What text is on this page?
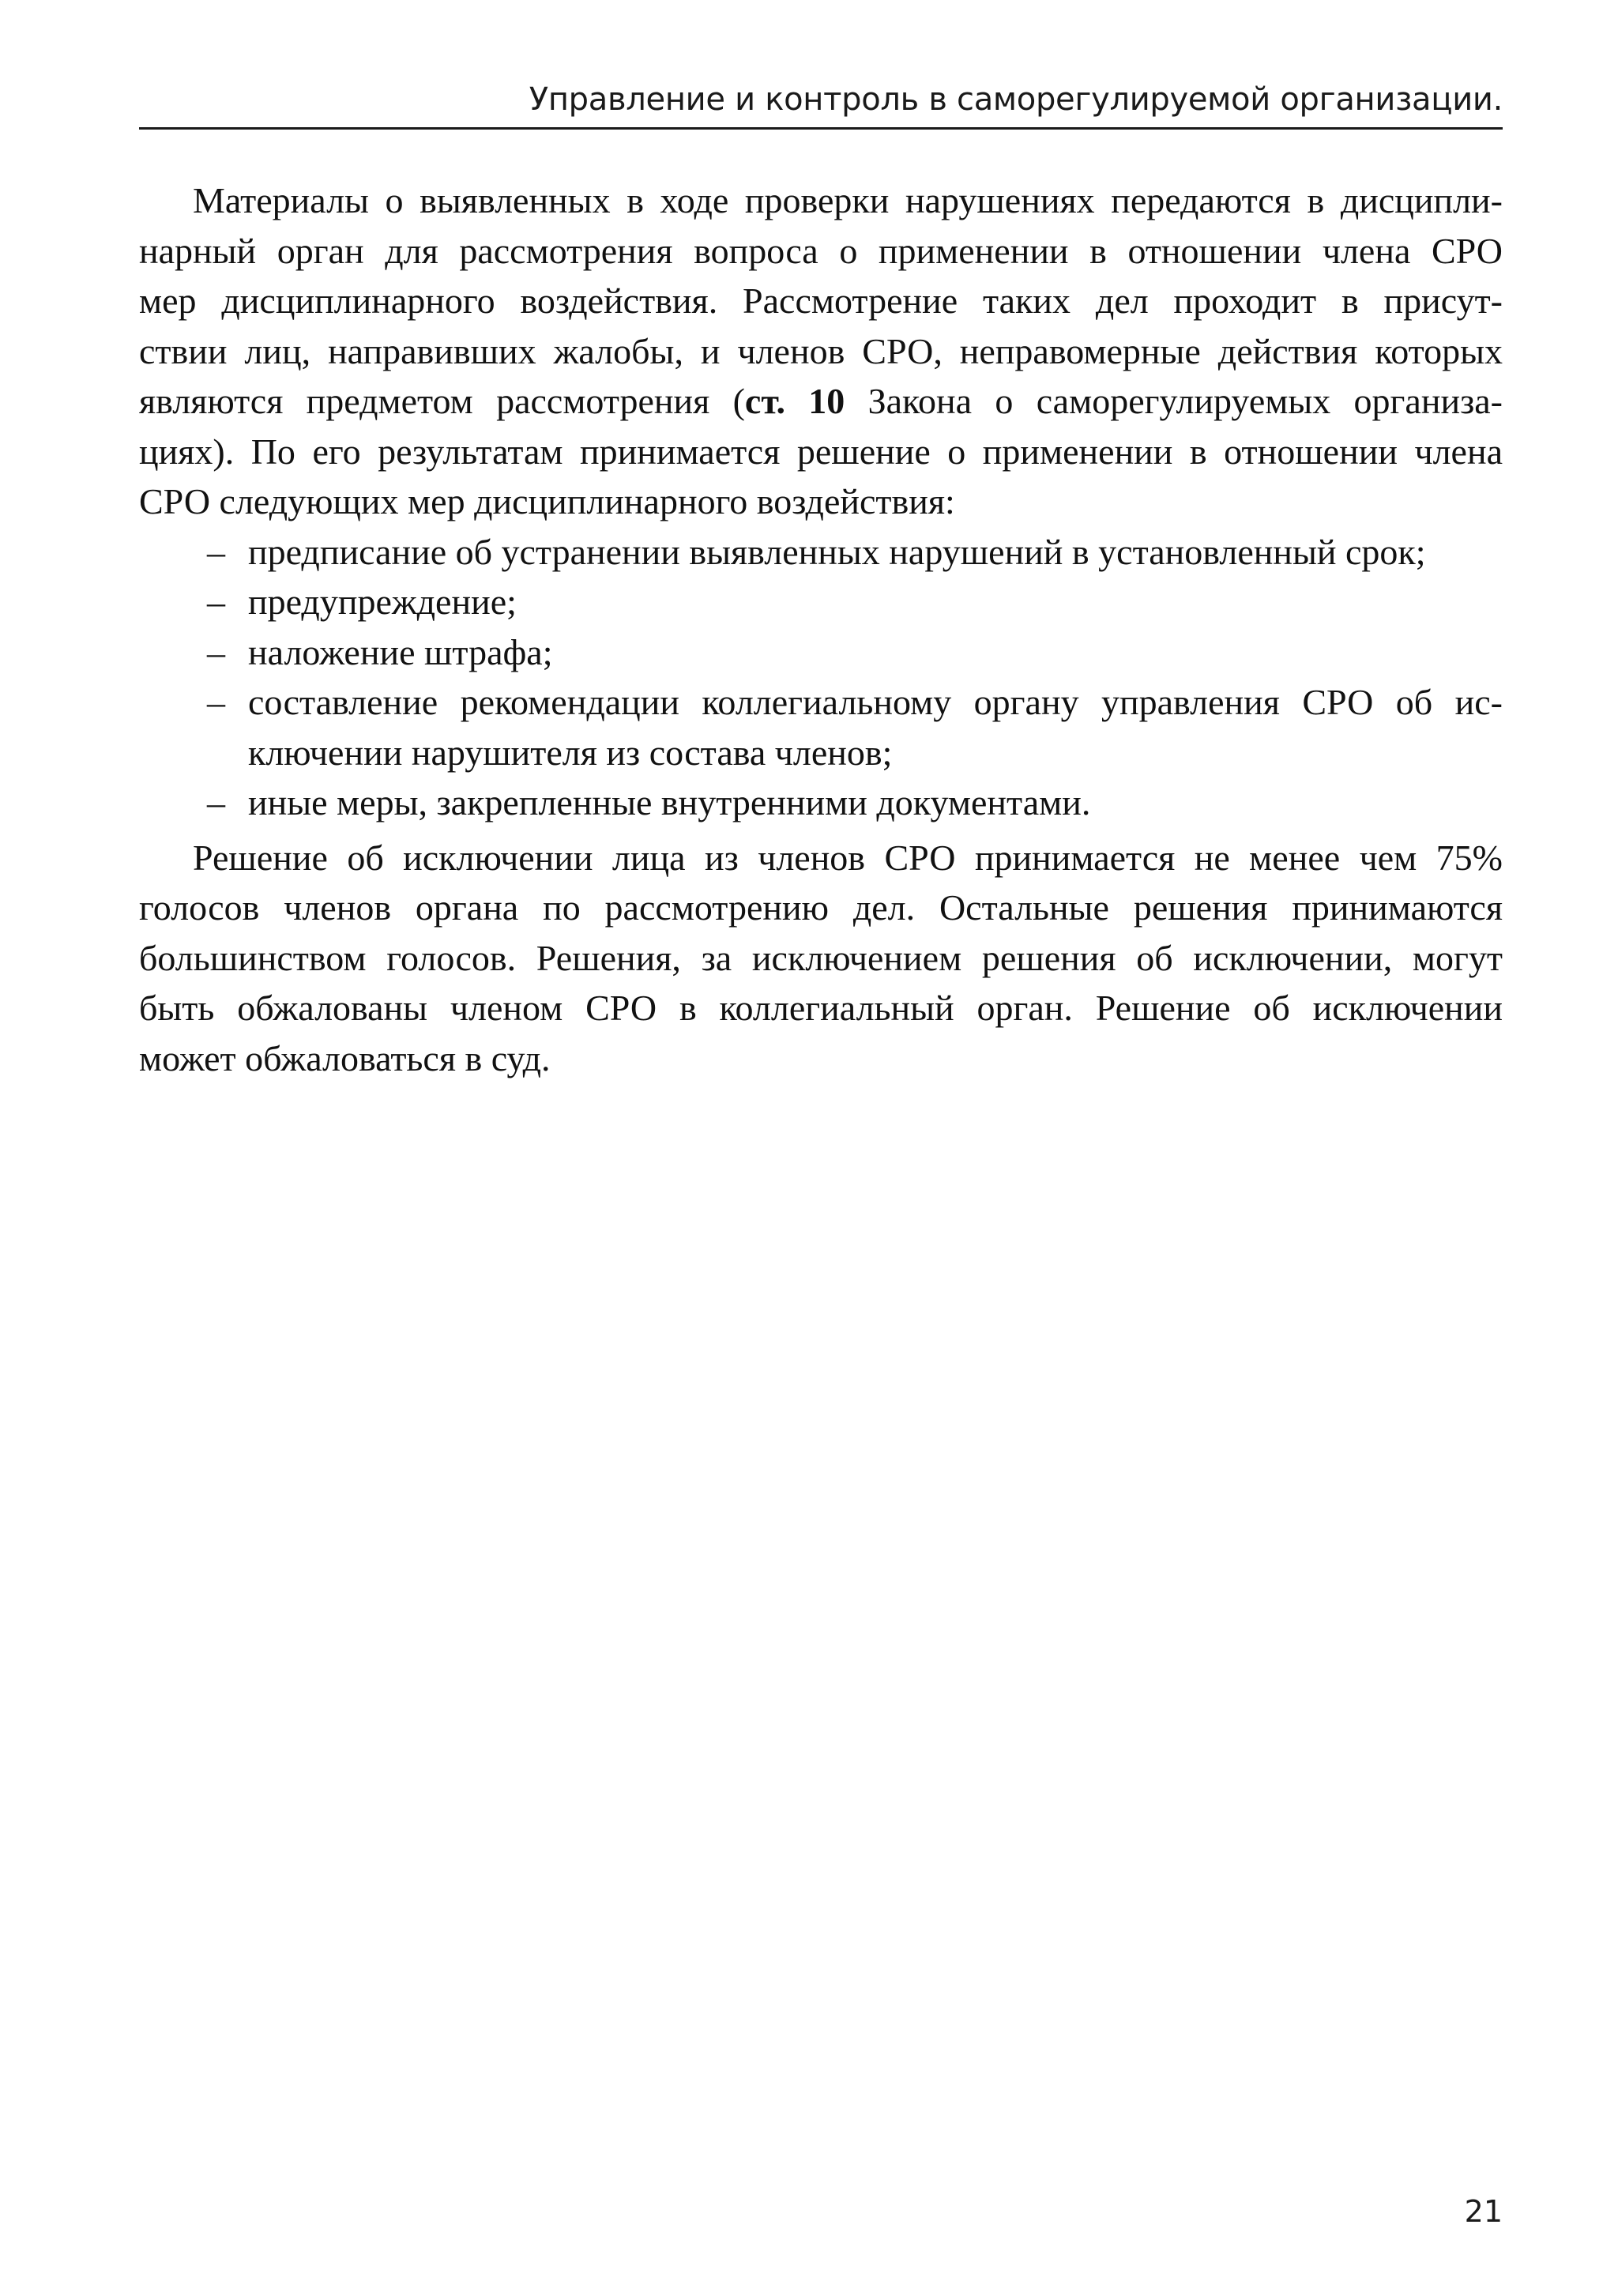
Управление и контроль в саморегулируемой организации.

Материалы о выявленных в ходе проверки нарушениях передаются в дисципли-
нарный орган для рассмотрения вопроса о применении в отношении члена СРО
мер дисциплинарного воздействия. Рассмотрение таких дел проходит в присут-
ствии лиц, направивших жалобы, и членов СРО, неправомерные действия которых
являются предметом рассмотрения (ст. 10 Закона о саморегулируемых организа-
циях). По его результатам принимается решение о применении в отношении члена
СРО следующих мер дисциплинарного воздействия:

– предписание об устранении выявленных нарушений в установленный срок;
– предупреждение;
– наложение штрафа;
– составление рекомендации коллегиальному органу управления СРО об ис-
ключении нарушителя из состава членов;
– иные меры, закрепленные внутренними документами.

Решение об исключении лица из членов СРО принимается не менее чем 75%
голосов членов органа по рассмотрению дел. Остальные решения принимаются
большинством голосов. Решения, за исключением решения об исключении, могут
быть обжалованы членом СРО в коллегиальный орган. Решение об исключении
может обжаловаться в суд.

21
